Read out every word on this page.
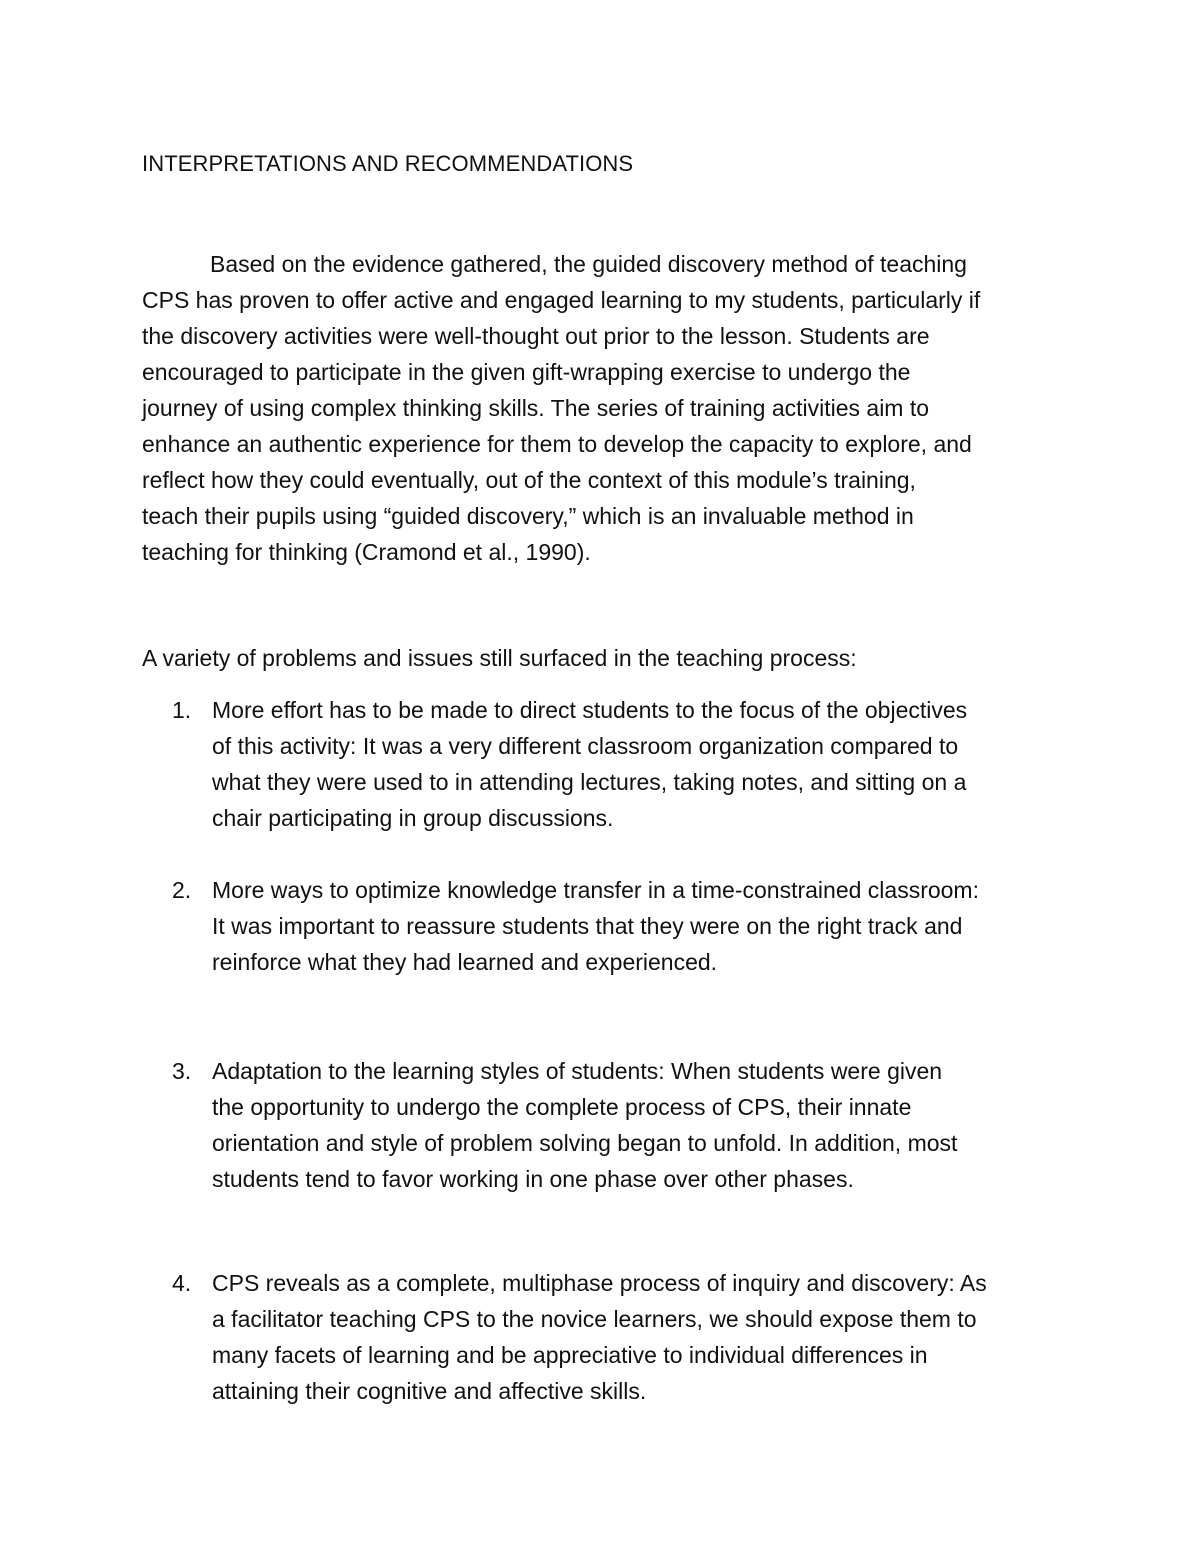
INTERPRETATIONS AND RECOMMENDATIONS
Based on the evidence gathered, the guided discovery method of teaching
CPS has proven to offer active and engaged learning to my students, particularly if
the discovery activities were well-thought out prior to the lesson. Students are
encouraged to participate in the given gift-wrapping exercise to undergo the
journey of using complex thinking skills. The series of training activities aim to
enhance an authentic experience for them to develop the capacity to explore, and
reflect how they could eventually, out of the context of this module’s training,
teach their pupils using “guided discovery,” which is an invaluable method in
teaching for thinking (Cramond et al., 1990).
A variety of problems and issues still surfaced in the teaching process:
1. More effort has to be made to direct students to the focus of the objectives
of this activity: It was a very different classroom organization compared to
what they were used to in attending lectures, taking notes, and sitting on a
chair participating in group discussions.
2. More ways to optimize knowledge transfer in a time-constrained classroom:
It was important to reassure students that they were on the right track and
reinforce what they had learned and experienced.
3. Adaptation to the learning styles of students: When students were given
the opportunity to undergo the complete process of CPS, their innate
orientation and style of problem solving began to unfold. In addition, most
students tend to favor working in one phase over other phases.
4. CPS reveals as a complete, multiphase process of inquiry and discovery: As
a facilitator teaching CPS to the novice learners, we should expose them to
many facets of learning and be appreciative to individual differences in
attaining their cognitive and affective skills.
